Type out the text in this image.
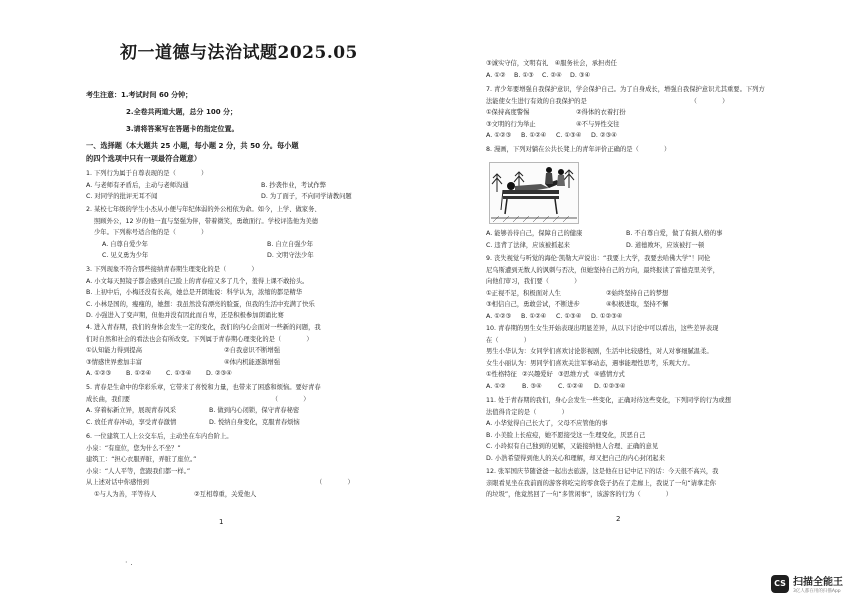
初一道德与法治试题2025.05
考生注意：1.考试时间 60 分钟；
2.全卷共两道大题，总分 100 分；
3.请将答案写在答题卡的指定位置。
一、选择题（本大题共 25 小题，每小题 2 分，共 50 分。每小题
的四个选项中只有一项最符合题意）
1. 下列行为属于自尊表现的是（　　　　）
A. 与老师有矛盾后，主动与老师沟通	B. 抄袭作业，考试作弊
C. 对同学的批评无耳不闻	D. 为了面子，不向同学请教问题
2. 某校七年级的学生小杰从小便与年纪体弱的外公相依为命。如今，上学、做家务、
照顾外公，12 岁的他一直与坚强为伴，带着微笑，勇敢面行。学校评选他为美德
少年。下列称号适合他的是（　　　　）
A. 自尊自爱少年	B. 自立自强少年
C. 见义勇为少年	D. 文明守法少年
3. 下列现象不符合那些接纳青春期生理变化的是（　　　　）
A. 小文每天照镜子都会感到自己脸上的青春痘又多了几个，羞得上课不敢抬头。
B. 上初中后，小梅还没有长高，她总是开朗地说：科学认为，浓缩的都是精华
C. 小林是国的，瘦瘦的，她想：我虽然没有漂亮的脸蛋，但我的生活中充满了快乐
D. 小强进入了变声期，但他并没有因此而自卑，还是积极参加朗诵比赛
4. 进入青春期，我们的身体会发生一定的变化，我们的内心会面对一些新的问题，我
们对自然和社会的看法也会有所改变。下列属于青春期心理变化的是（　　　　）
①认知能力得到提高	②自我意识不断增强
③情感世界愈加丰富	④体内机能逐渐增强
A. ①②③	B. ①②④	C. ①③④	D. ②③④
5. 青春是生命中的华彩乐章，它带来了喜悦和力量，也带来了困惑和烦恼。要好青春
成长曲，我们要　　　　　　　　　　　　　　　　　　　　　　　（　　　　）
A. 穿着标新立异，展现青春风采	B. 做到内心闭锁，保守青春秘密
C. 放任青春冲动，享受青春激情	D. 悦纳自身变化，克服青春烦恼
6. 一位建筑工人上公交车后，主动坐在车内台阶上。
小泉：“有座位，您为什么不坐？”
建筑工：“担心衣服弄脏，弄脏了座位。”
小泉：“人人平等，您跟我们都一样。”
从上述对话中你感悟到	（　　　　）
①与人为善，平等待人	②互相尊重，关爱他人
1
· .
③诚实守信，文明有礼　④服务社会，承担责任
A. ①②	B. ①③	C. ②④	D. ③④
7. 青少年要增强自我保护意识，学会保护自己。为了自身成长，增强自我保护意识尤其重要。下列方
法能使女生进行有效的自我保护的是　　　　　　　　　　　　　　　　　（　　　　）
①保持高度警惕	②得体的衣着打扮
③文明的行为举止	④不与异性交往
A. ①②③	B. ①②④	C. ①③④	D. ②③④
8. 漫画，下列对躺在公共长凳上的青年评价正确的是（　　　　）
A. 能够善待自己，保障自己的健康	B. 不自尊自爱，做了有损人格的事
C. 违背了法律，应该被抓起来	D. 道德败坏，应该被打一顿
9. 丧失视觉与听觉的海伦·凯勒大声说出：“我要上大学，我要去哈佛大学”！同伦
尼乌斯遭到无数人的讽刺与否决，但她坚持自己的方向，最终报读了雷德克里芙学，
向他们审习，我们要（　　　　）
①正视不足，积极面对人生	②始终坚持自己的梦想
③相信自己，勇敢尝试，不断进步	④积极进取，坚持不懈
A. ①②③	B. ①②④	C. ①③④	D. ①②③④
10. 青春期的男生女生开始表现出明显差异，从以下讨论中可以看出，这些差异表现
在（　　　　）
男生小华认为：女同学们喜欢讨论影视剧，生活中比较感性，对人对事细腻温柔。
女生小丽认为：男同学们喜欢关注军事动态，遇事能理性思考，乐观大方。
①性格特征 ②兴趣爱好 ③思维方式 ④感情方式
A. ①②	B. ③④	C. ①②④	D. ①②③④
11. 处于青春期的我们，身心会发生一些变化，正确对待这些变化，下列同学的行为或想
法值得肯定的是（　　　　）
A. 小华觉得自己长大了，父母不应管他的事
B. 小美脸上长痘痘，她不愿接受这一生理变化，厌恶自己
C. 小玲拟有自己独到的见解，又能接纳他人合理、正确的意见
D. 小浩希望得到他人的关心和理解，却又把自己的内心封闭起来
12. 张军国庆节随爸爸一起出去旅游，这是他在日记中记下的话：今天很不高兴，我
亲眼看见坐在我前面的游客将吃完的零食袋子扔在了走廊上，我说了一句“请拿走你
的垃圾”，他竟然回了一句“多管闲事”，该游客的行为（　　　　）
2
CS 扫描全能王
3亿人都在用的扫描App
